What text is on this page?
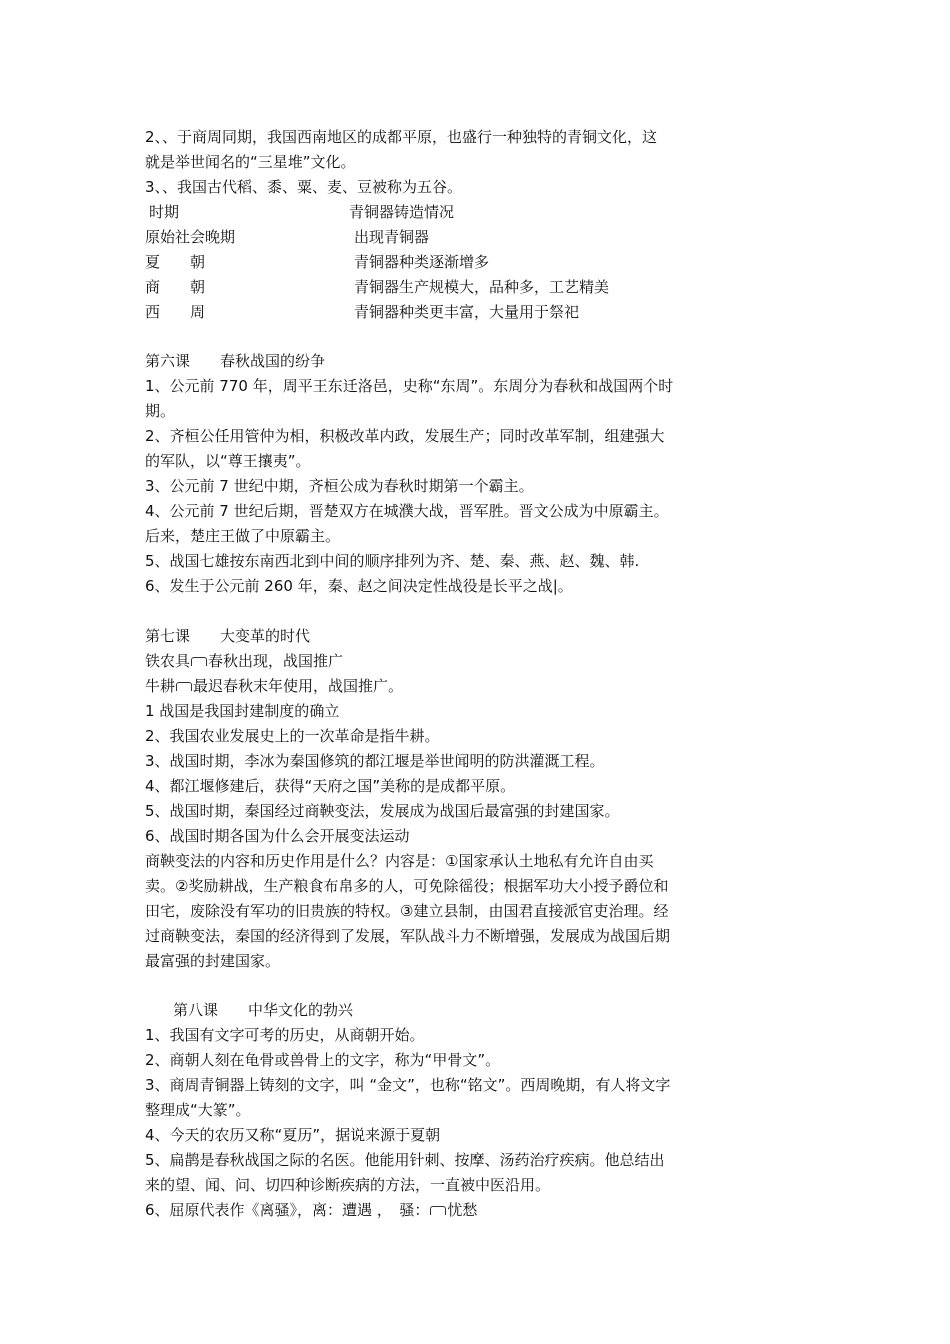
2、、于商周同期，我国西南地区的成都平原，也盛行一种独特的青铜文化，这
就是举世闻名的“三星堆”文化。
3、、我国古代稻、黍、粟、麦、豆被称为五谷。
时期	青铜器铸造情况
原始社会晚期	出现青铜器
夏　　朝	青铜器种类逐渐增多
商　　朝	青铜器生产规模大，品种多，工艺精美
西　　周	青铜器种类更丰富，大量用于祭祀
第六课　　春秋战国的纷争
1、公元前 770 年，周平王东迁洛邑，史称“东周”。东周分为春秋和战国两个时
期。
2、齐桓公任用管仲为相，积极改革内政，发展生产；同时改革军制，组建强大
的军队，以“尊王攘夷”。
3、公元前 7 世纪中期，齐桓公成为春秋时期第一个霸主。
4、公元前 7 世纪后期，晋楚双方在城濮大战，晋军胜。晋文公成为中原霸主。
后来，楚庄王做了中原霸主。
5、战国七雄按东南西北到中间的顺序排列为齐、楚、秦、燕、赵、魏、韩.
6、发生于公元前 260 年，秦、赵之间决定性战役是长平之战|。
第七课　　大变革的时代
铁农具 春秋出现，战国推广
牛耕 最迟春秋末年使用，战国推广。
1 战国是我国封建制度的确立
2、我国农业发展史上的一次革命是指牛耕。
3、战国时期，李冰为秦国修筑的都江堰是举世闻明的防洪灌溉工程。
4、都江堰修建后，获得“天府之国”美称的是成都平原。
5、战国时期，秦国经过商鞅变法，发展成为战国后最富强的封建国家。
6、战国时期各国为什么会开展变法运动
商鞅变法的内容和历史作用是什么？内容是：①国家承认土地私有允许自由买
卖。②奖励耕战，生产粮食布帛多的人，可免除徭役；根据军功大小授予爵位和
田宅，废除没有军功的旧贵族的特权。③建立县制，由国君直接派官吏治理。经
过商鞅变法，秦国的经济得到了发展，军队战斗力不断增强，发展成为战国后期
最富强的封建国家。
第八课　　中华文化的勃兴
1、我国有文字可考的历史，从商朝开始。
2、商朝人刻在龟骨或兽骨上的文字，称为“甲骨文”。
3、商周青铜器上铸刻的文字，叫 “金文”，也称“铭文”。西周晚期，有人将文字
整理成“大篆”。
4、今天的农历又称“夏历”，据说来源于夏朝
5、扁鹊是春秋战国之际的名医。他能用针刺、按摩、汤药治疗疾病。他总结出
来的望、闻、问、切四种诊断疾病的方法，一直被中医沿用。
6、屈原代表作《离骚》，离：遭遇 ，　骚： 忧愁
